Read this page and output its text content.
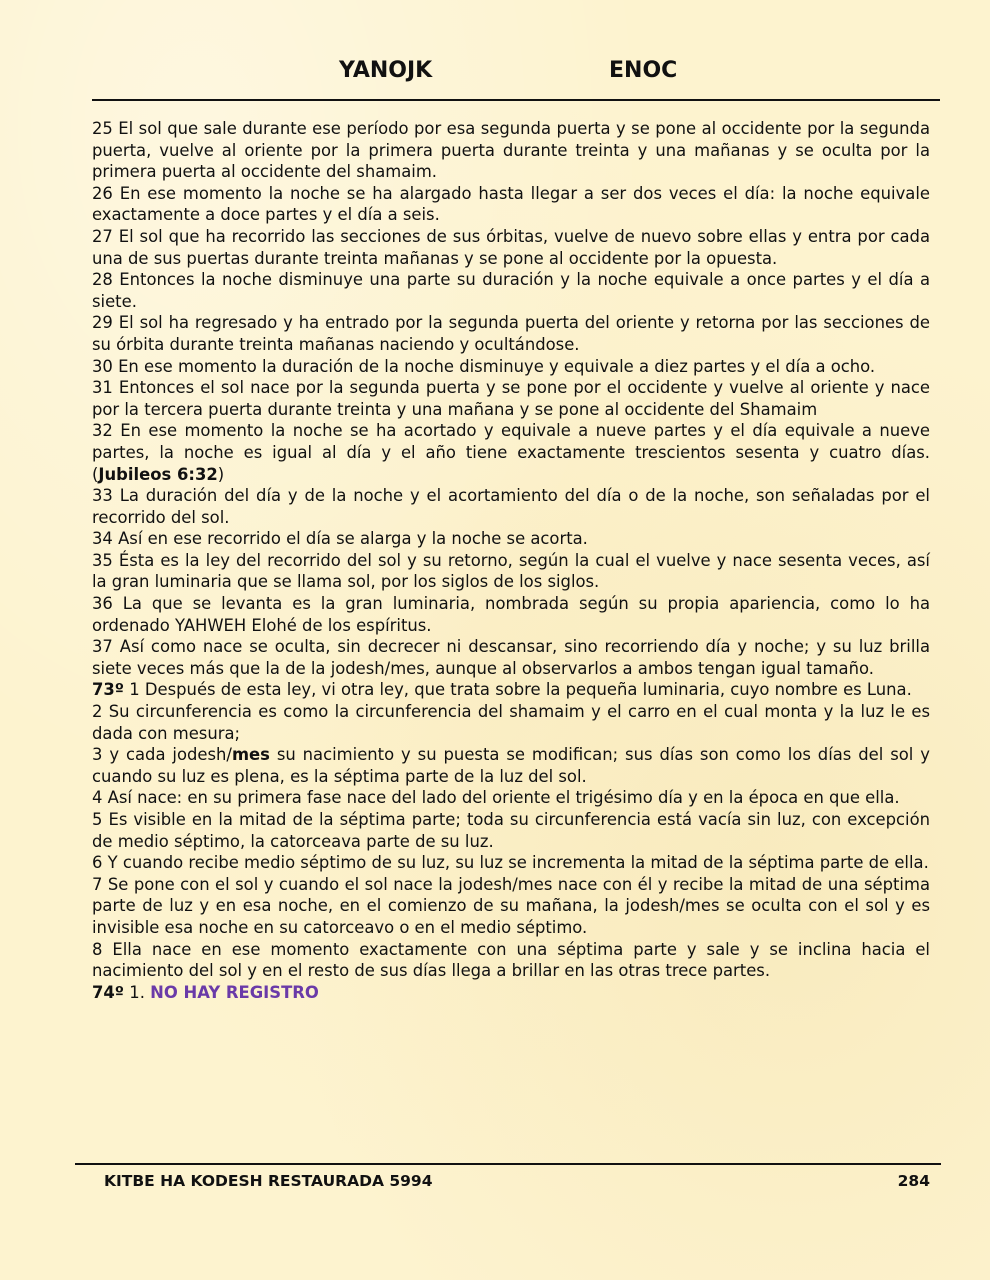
YANOJK	ENOC

25 El sol que sale durante ese período por esa segunda puerta y se pone al occidente por la segunda puerta, vuelve al oriente por la primera puerta durante treinta y una mañanas y se oculta por la primera puerta al occidente del shamaim.

26 En ese momento la noche se ha alargado hasta llegar a ser dos veces el día: la noche equivale exactamente a doce partes y el día a seis.

27 El sol que ha recorrido las secciones de sus órbitas, vuelve de nuevo sobre ellas y entra por cada una de sus puertas durante treinta mañanas y se pone al occidente por la opuesta.

28 Entonces la noche disminuye una parte su duración y la noche equivale a once partes y el día a siete.

29 El sol ha regresado y ha entrado por la segunda puerta del oriente y retorna por las secciones de su órbita durante treinta mañanas naciendo y ocultándose.

30 En ese momento la duración de la noche disminuye y equivale a diez partes y el día a ocho.

31 Entonces el sol nace por la segunda puerta y se pone por el occidente y vuelve al oriente y nace por la tercera puerta durante treinta y una mañana y se pone al occidente del Shamaim

32 En ese momento la noche se ha acortado y equivale a nueve partes y el día equivale a nueve partes, la noche es igual al día y el año tiene exactamente trescientos sesenta y cuatro días. (Jubileos 6:32)

33 La duración del día y de la noche y el acortamiento del día o de la noche, son señaladas por el recorrido del sol.

34 Así en ese recorrido el día se alarga y la noche se acorta.

35 Ésta es la ley del recorrido del sol y su retorno, según la cual el vuelve y nace sesenta veces, así la gran luminaria que se llama sol, por los siglos de los siglos.

36 La que se levanta es la gran luminaria, nombrada según su propia apariencia, como lo ha ordenado YAHWEH Elohé de los espíritus.

37 Así como nace se oculta, sin decrecer ni descansar, sino recorriendo día y noche; y su luz brilla siete veces más que la de la jodesh/mes, aunque al observarlos a ambos tengan igual tamaño.

73º 1 Después de esta ley, vi otra ley, que trata sobre la pequeña luminaria, cuyo nombre es Luna.

2 Su circunferencia es como la circunferencia del shamaim y el carro en el cual monta y la luz le es dada con mesura;

3 y cada jodesh/mes su nacimiento y su puesta se modifican; sus días son como los días del sol y cuando su luz es plena, es la séptima parte de la luz del sol.

4 Así nace: en su primera fase nace del lado del oriente el trigésimo día y en la época en que ella.

5 Es visible en la mitad de la séptima parte; toda su circunferencia está vacía sin luz, con excepción de medio séptimo, la catorceava parte de su luz.

6 Y cuando recibe medio séptimo de su luz, su luz se incrementa la mitad de la séptima parte de ella.

7 Se pone con el sol y cuando el sol nace la jodesh/mes nace con él y recibe la mitad de una séptima parte de luz y en esa noche, en el comienzo de su mañana, la jodesh/mes se oculta con el sol y es invisible esa noche en su catorceavo o en el medio séptimo.

8 Ella nace en ese momento exactamente con una séptima parte y sale y se inclina hacia el nacimiento del sol y en el resto de sus días llega a brillar en las otras trece partes.

74º 1. NO HAY REGISTRO

KITBE HA KODESH RESTAURADA 5994	284
